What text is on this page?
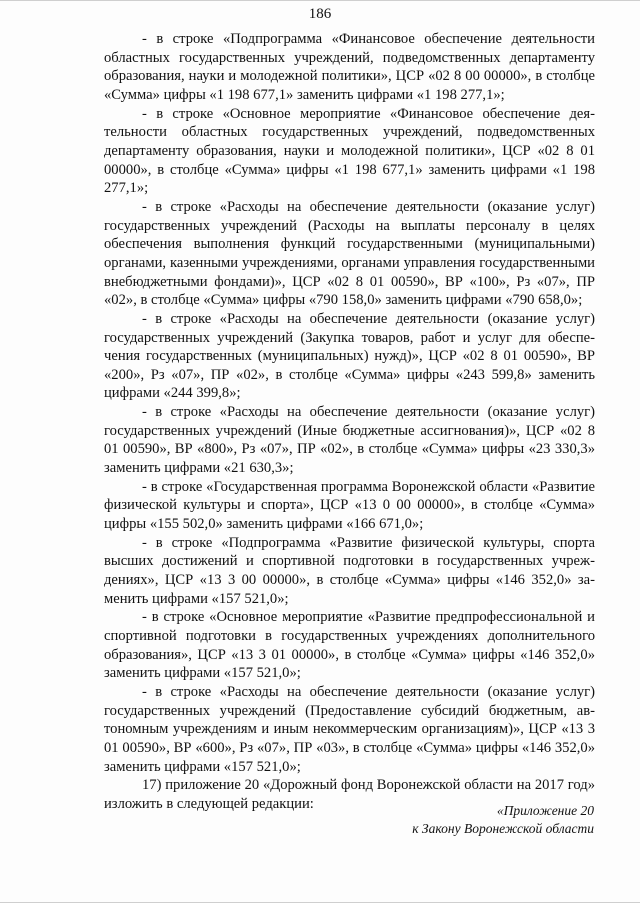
186

- в строке «Подпрограмма «Финансовое обеспечение деятельности областных государственных учреждений, подведомственных департаменту образования, науки и молодежной политики», ЦСР «02 8 00 00000», в столбце «Сумма» цифры «1 198 677,1» заменить цифрами «1 198 277,1»;

- в строке «Основное мероприятие «Финансовое обеспечение деятельности областных государственных учреждений, подведомственных департаменту образования, науки и молодежной политики», ЦСР «02 8 01 00000», в столбце «Сумма» цифры «1 198 677,1» заменить цифрами «1 198 277,1»;

- в строке «Расходы на обеспечение деятельности (оказание услуг) государственных учреждений (Расходы на выплаты персоналу в целях обеспечения выполнения функций государственными (муниципальными) органами, казенными учреждениями, органами управления государственными внебюджетными фондами)», ЦСР «02 8 01 00590», ВР «100», Рз «07», ПР «02», в столбце «Сумма» цифры «790 158,0» заменить цифрами «790 658,0»;

- в строке «Расходы на обеспечение деятельности (оказание услуг) государственных учреждений (Закупка товаров, работ и услуг для обеспечения государственных (муниципальных) нужд)», ЦСР «02 8 01 00590», ВР «200», Рз «07», ПР «02», в столбце «Сумма» цифры «243 599,8» заменить цифрами «244 399,8»;

- в строке «Расходы на обеспечение деятельности (оказание услуг) государственных учреждений (Иные бюджетные ассигнования)», ЦСР «02 8 01 00590», ВР «800», Рз «07», ПР «02», в столбце «Сумма» цифры «23 330,3» заменить цифрами «21 630,3»;

- в строке «Государственная программа Воронежской области «Развитие физической культуры и спорта», ЦСР «13 0 00 00000», в столбце «Сумма» цифры «155 502,0» заменить цифрами «166 671,0»;

- в строке «Подпрограмма «Развитие физической культуры, спорта высших достижений и спортивной подготовки в государственных учреждениях», ЦСР «13 3 00 00000», в столбце «Сумма» цифры «146 352,0» заменить цифрами «157 521,0»;

- в строке «Основное мероприятие «Развитие предпрофессиональной и спортивной подготовки в государственных учреждениях дополнительного образования», ЦСР «13 3 01 00000», в столбце «Сумма» цифры «146 352,0» заменить цифрами «157 521,0»;

- в строке «Расходы на обеспечение деятельности (оказание услуг) государственных учреждений (Предоставление субсидий бюджетным, автономным учреждениям и иным некоммерческим организациям)», ЦСР «13 3 01 00590», ВР «600», Рз «07», ПР «03», в столбце «Сумма» цифры «146 352,0» заменить цифрами «157 521,0»;

17) приложение 20 «Дорожный фонд Воронежской области на 2017 год» изложить в следующей редакции:	«Приложение 20
к Закону Воронежской области
